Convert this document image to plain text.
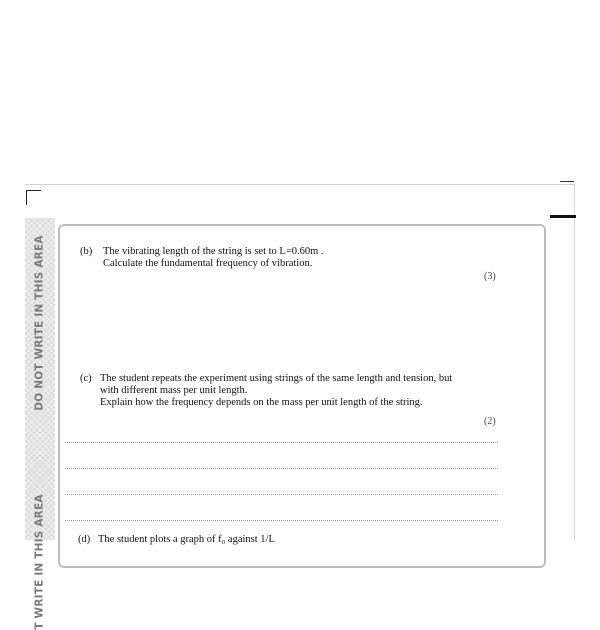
DO NOT WRITE IN THIS AREA
T WRITE IN THIS AREA
(b) The vibrating length of the string is set to L=0.60m .
Calculate the fundamental frequency of vibration.
(3)
(c) The student repeats the experiment using strings of the same length and tension, but
with different mass per unit length.
Explain how the frequency depends on the mass per unit length of the string.
(2)
(d) The student plots a graph of f₀ against 1/L
